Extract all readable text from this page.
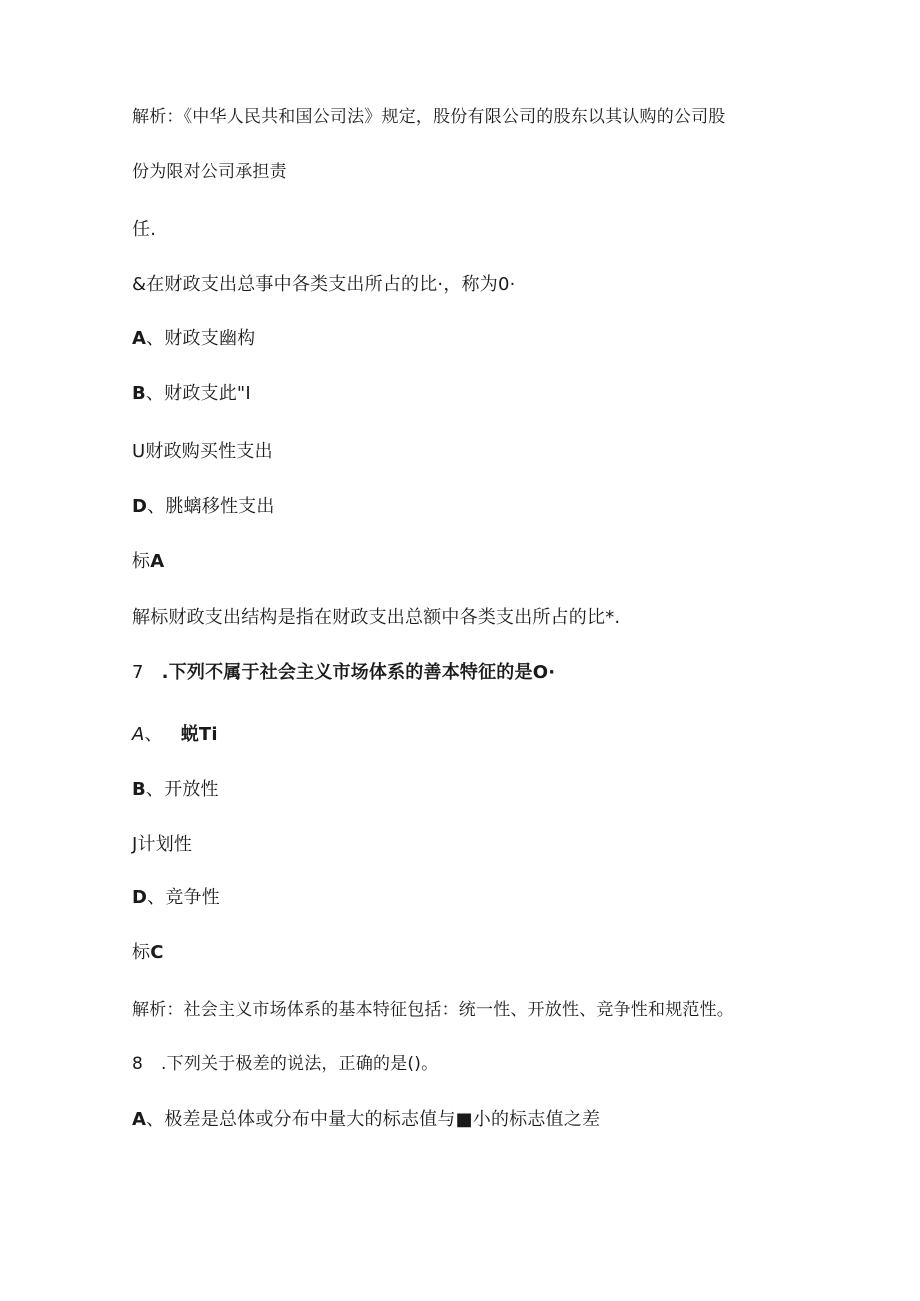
解析：《中华人民共和国公司法》规定，股份有限公司的股东以其认购的公司股
份为限对公司承担责
任.
&在财政支出总事中各类支出所占的比·，称为0·
A、财政支幽构
B、财政支此"I
U财政购买性支出
D、朓螭移性支出
标A
解标财政支出结构是指在财政支出总额中各类支出所占的比*.
7 .下列不属于社会主义市场体系的善本特征的是O·
A、 蜕Ti
B、开放性
J计划性
D、竞争性
标C
解析：社会主义市场体系的基本特征包括：统一性、开放性、竞争性和规范性。
8 .下列关于极差的说法，正确的是()。
A、极差是总体或分布中量大的标志值与■小的标志值之差
